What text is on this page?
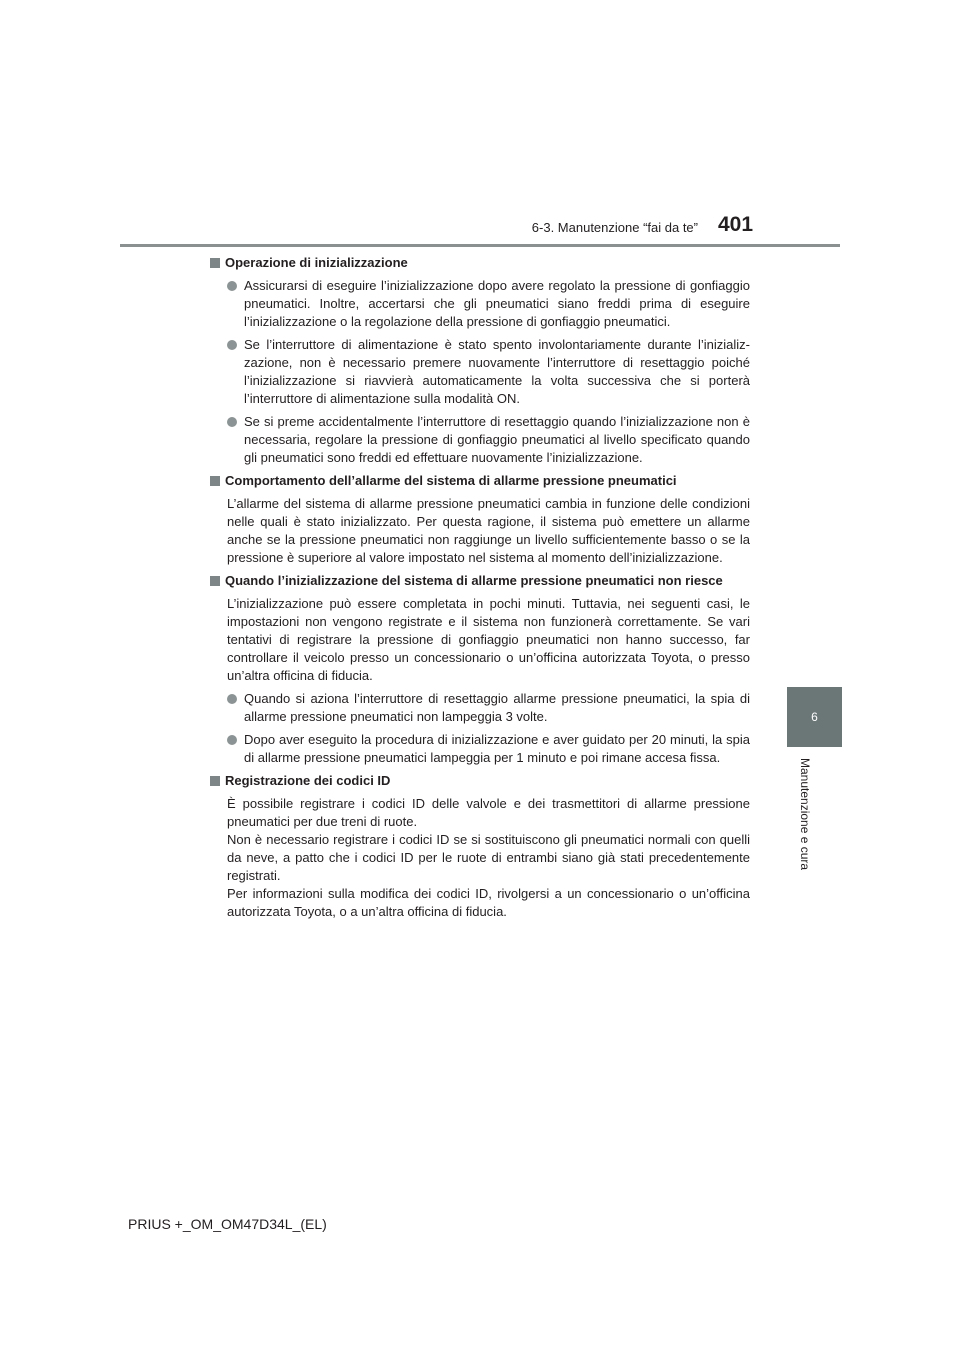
6-3. Manutenzione “fai da te” 401
6
Manutenzione e cura
Operazione di inizializzazione
Assicurarsi di eseguire l’inizializzazione dopo avere regolato la pressione di gonfiaggio pneumatici. Inoltre, accertarsi che gli pneumatici siano freddi prima di eseguire l’inizializzazione o la regolazione della pressione di gonfiaggio pneumatici.
Se l’interruttore di alimentazione è stato spento involontariamente durante l’inizializzazione, non è necessario premere nuovamente l’interruttore di resettaggio poiché l’inizializzazione si riavvierà automaticamente la volta successiva che si porterà l’interruttore di alimentazione sulla modalità ON.
Se si preme accidentalmente l’interruttore di resettaggio quando l’inizializzazione non è necessaria, regolare la pressione di gonfiaggio pneumatici al livello specificato quando gli pneumatici sono freddi ed effettuare nuovamente l’inizializzazione.
Comportamento dell’allarme del sistema di allarme pressione pneumatici
L’allarme del sistema di allarme pressione pneumatici cambia in funzione delle condizioni nelle quali è stato inizializzato. Per questa ragione, il sistema può emettere un allarme anche se la pressione pneumatici non raggiunge un livello sufficientemente basso o se la pressione è superiore al valore impostato nel sistema al momento dell’inizializzazione.
Quando l’inizializzazione del sistema di allarme pressione pneumatici non riesce
L’inizializzazione può essere completata in pochi minuti. Tuttavia, nei seguenti casi, le impostazioni non vengono registrate e il sistema non funzionerà correttamente. Se vari tentativi di registrare la pressione di gonfiaggio pneumatici non hanno successo, far controllare il veicolo presso un concessionario o un’officina autorizzata Toyota, o presso un’altra officina di fiducia.
Quando si aziona l’interruttore di resettaggio allarme pressione pneumatici, la spia di allarme pressione pneumatici non lampeggia 3 volte.
Dopo aver eseguito la procedura di inizializzazione e aver guidato per 20 minuti, la spia di allarme pressione pneumatici lampeggia per 1 minuto e poi rimane accesa fissa.
Registrazione dei codici ID
È possibile registrare i codici ID delle valvole e dei trasmettitori di allarme pressione pneumatici per due treni di ruote.
Non è necessario registrare i codici ID se si sostituiscono gli pneumatici normali con quelli da neve, a patto che i codici ID per le ruote di entrambi siano già stati precedentemente registrati.
Per informazioni sulla modifica dei codici ID, rivolgersi a un concessionario o un’officina autorizzata Toyota, o a un’altra officina di fiducia.
PRIUS +_OM_OM47D34L_(EL)
